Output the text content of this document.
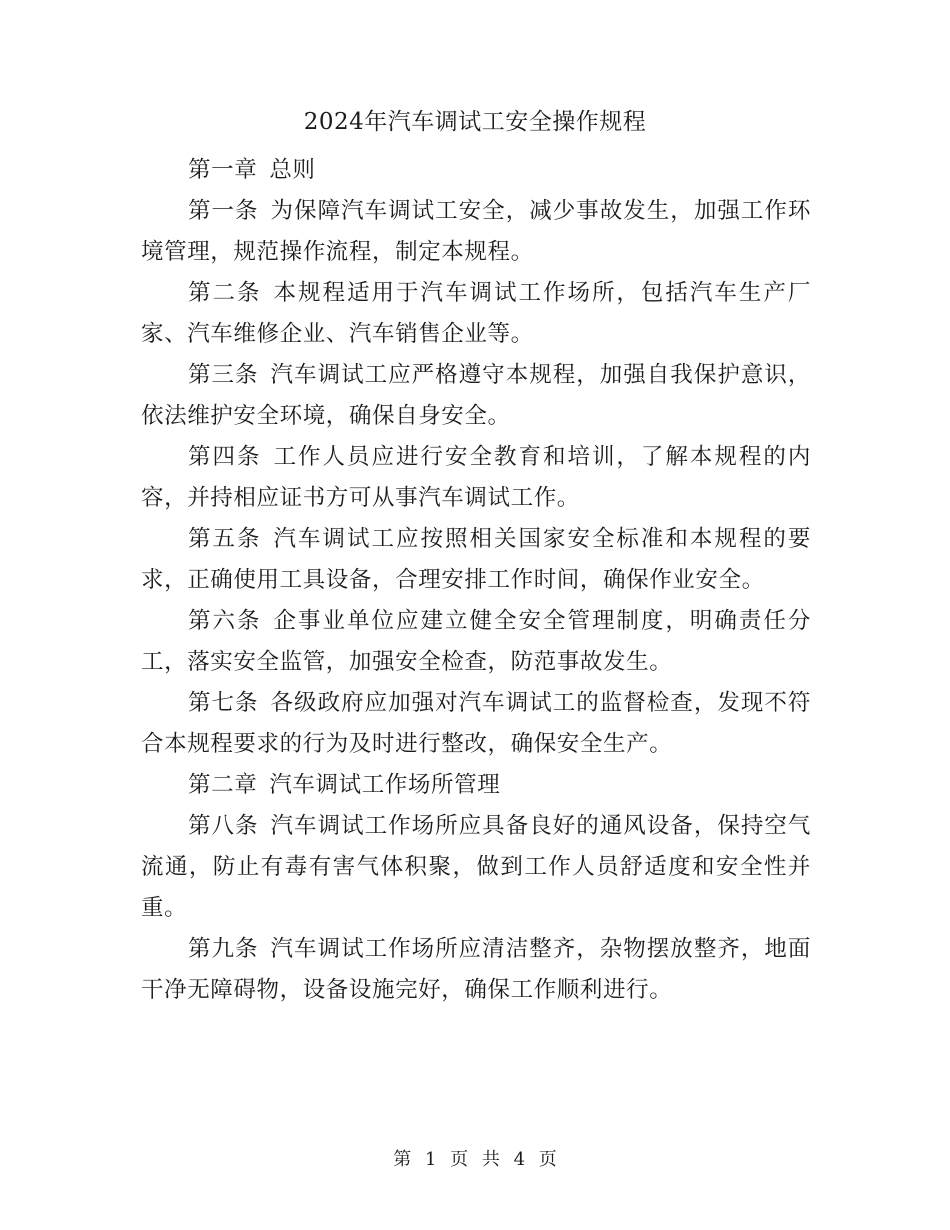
2024年汽车调试工安全操作规程

第一章 总则

第一条 为保障汽车调试工安全，减少事故发生，加强工作环境管理，规范操作流程，制定本规程。

第二条 本规程适用于汽车调试工作场所，包括汽车生产厂家、汽车维修企业、汽车销售企业等。

第三条 汽车调试工应严格遵守本规程，加强自我保护意识，依法维护安全环境，确保自身安全。

第四条 工作人员应进行安全教育和培训，了解本规程的内容，并持相应证书方可从事汽车调试工作。

第五条 汽车调试工应按照相关国家安全标准和本规程的要求，正确使用工具设备，合理安排工作时间，确保作业安全。

第六条 企事业单位应建立健全安全管理制度，明确责任分工，落实安全监管，加强安全检查，防范事故发生。

第七条 各级政府应加强对汽车调试工的监督检查，发现不符合本规程要求的行为及时进行整改，确保安全生产。

第二章 汽车调试工作场所管理

第八条 汽车调试工作场所应具备良好的通风设备，保持空气流通，防止有毒有害气体积聚，做到工作人员舒适度和安全性并重。

第九条 汽车调试工作场所应清洁整齐，杂物摆放整齐，地面干净无障碍物，设备设施完好，确保工作顺利进行。

第 1 页 共 4 页
